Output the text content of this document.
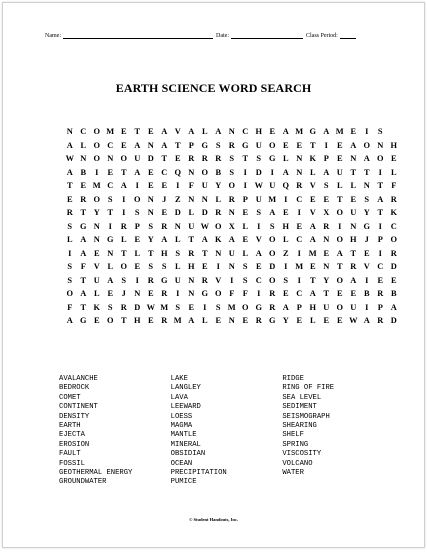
Name:	Date:	Class Period:
EARTH SCIENCE WORD SEARCH
N C O M E T E A V A L A N C H E A M G A M E	I	S
A L O C E A N A T P G S R G U O E E T	I	E A O N H
W N O N O U D T E R R R S T S G L N K P E N A O E
A B	I	E T A E C Q N O B S	I	D	I	A N L A U T T	I	L
T E M C A	I	E E	I	F U Y O	I W U Q R V S L L N T F
E R O S	I	O N J	Z N N L R P U M I	C E E T E S A R
R T Y T	I	S N E D L D R N E S A E	I	V X O U Y T K
S G N	I	R P	S R N U W O X L	I	S H E A R	I	N G	I	C
L A N G L E Y A L T A K A E V O L C A N O H J	P O
I	A E N T L T H S R T N U L A O Z	I M E A T E	I	R
S	F V L O E S	S L H E	I	N S E D	I M E N T R V C D
S T U A S	I	R G U N R V	I	S C O S	I	T Y O A	I	E E
O A L E	J N E R	I	N G O F F	I	R E C A T E E B R B
F T K S R D W M S E	I	S M O G R A P H U O U	I	P A
A G E O T H E R M A L E N E R G Y E L E E W A R D
AVALANCHE
BEDROCK
COMET
CONTINENT
DENSITY
EARTH
EJECTA
EROSION
FAULT
FOSSIL
GEOTHERMAL ENERGY
GROUNDWATER
LAKE
LANGLEY
LAVA
LEEWARD
LOESS
MAGMA
MANTLE
MINERAL
OBSIDIAN
OCEAN
PRECIPITATION
PUMICE
RIDGE
RING OF FIRE
SEA LEVEL
SEDIMENT
SEISMOGRAPH
SHEARING
SHELF
SPRING
VISCOSITY
VOLCANO
WATER
© Student Handouts, Inc.
